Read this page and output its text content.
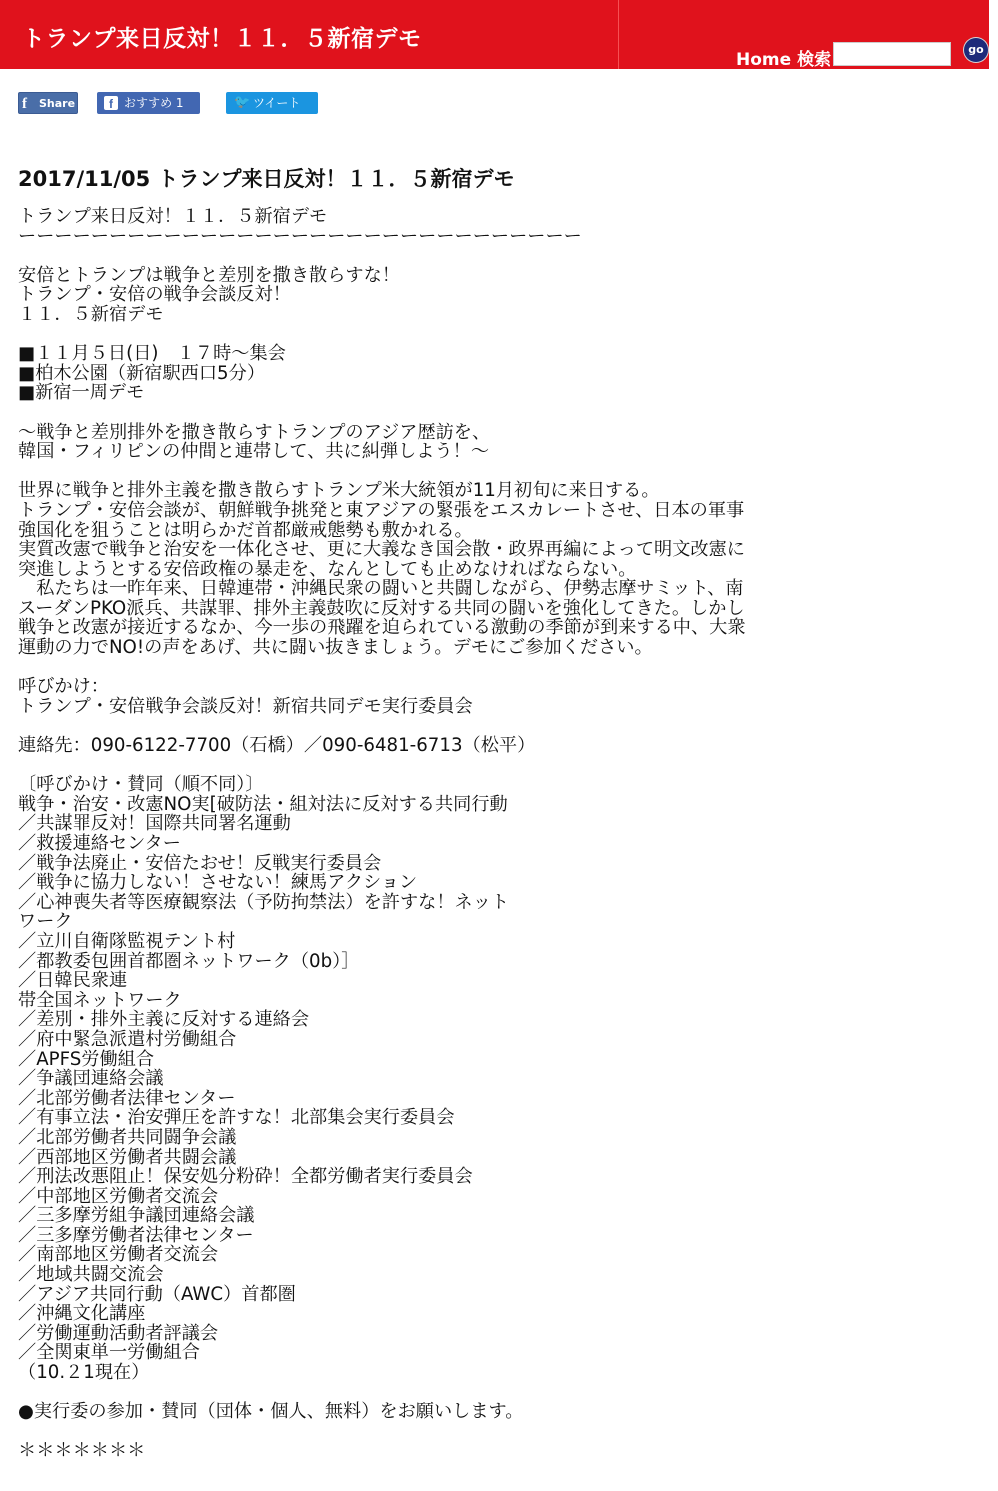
トランプ来日反対！１１．５新宿デモ
Home 検索
go
f Share	f おすすめ 1	🐦 ツイート
2017/11/05 トランプ来日反対！１１．５新宿デモ
トランプ来日反対！１１．５新宿デモ
ーーーーーーーーーーーーーーーーーーーーーーーーーーーーーーー
安倍とトランプは戦争と差別を撒き散らすな！
トランプ・安倍の戦争会談反対！
１１．５新宿デモ
■１１月５日(日)　１７時～集会
■柏木公園（新宿駅西口5分）
■新宿一周デモ
～戦争と差別排外を撒き散らすトランプのアジア歴訪を、
韓国・フィリピンの仲間と連帯して、共に糾弾しよう！～
世界に戦争と排外主義を撒き散らすトランプ米大統領が11月初旬に来日する。
トランプ・安倍会談が、朝鮮戦争挑発と東アジアの緊張をエスカレートさせ、日本の軍事
強国化を狙うことは明らかだ首都厳戒態勢も敷かれる。
実質改憲で戦争と治安を一体化させ、更に大義なき国会散・政界再編によって明文改憲に
突進しようとする安倍政権の暴走を、なんとしても止めなければならない。
　私たちは一昨年来、日韓連帯・沖縄民衆の闘いと共闘しながら、伊勢志摩サミット、南
スーダンPKO派兵、共謀罪、排外主義鼓吹に反対する共同の闘いを強化してきた。しかし
戦争と改憲が接近するなか、今一歩の飛躍を迫られている激動の季節が到来する中、大衆
運動の力でNO!の声をあげ、共に闘い抜きましょう。デモにご参加ください。
呼びかけ：
トランプ・安倍戦争会談反対！新宿共同デモ実行委員会
連絡先：090-6122-7700（石橋）／090-6481-6713（松平）
〔呼びかけ・賛同（順不同）〕
戦争・治安・改憲NO実[破防法・組対法に反対する共同行動
／共謀罪反対！国際共同署名運動
／救援連絡センター
／戦争法廃止・安倍たおせ！反戦実行委員会
／戦争に協力しない！させない！練馬アクション
／心神喪失者等医療観察法（予防拘禁法）を許すな！ネット
ワーク
／立川自衛隊監視テント村
／都教委包囲首都圏ネットワーク（0b）］
／日韓民衆連
帯全国ネットワーク
／差別・排外主義に反対する連絡会
／府中緊急派遣村労働組合
／APFS労働組合
／争議団連絡会議
／北部労働者法律センター
／有事立法・治安弾圧を許すな！北部集会実行委員会
／北部労働者共同闘争会議
／西部地区労働者共闘会議
／刑法改悪阻止！保安処分粉砕！全都労働者実行委員会
／中部地区労働者交流会
／三多摩労組争議団連絡会議
／三多摩労働者法律センター
／南部地区労働者交流会
／地域共闘交流会
／アジア共同行動（AWC）首都圏
／沖縄文化講座
／労働運動活動者評議会
／全関東単一労働組合
（10.２1現在）
●実行委の参加・賛同（団体・個人、無料）をお願いします。
＊＊＊＊＊＊＊
